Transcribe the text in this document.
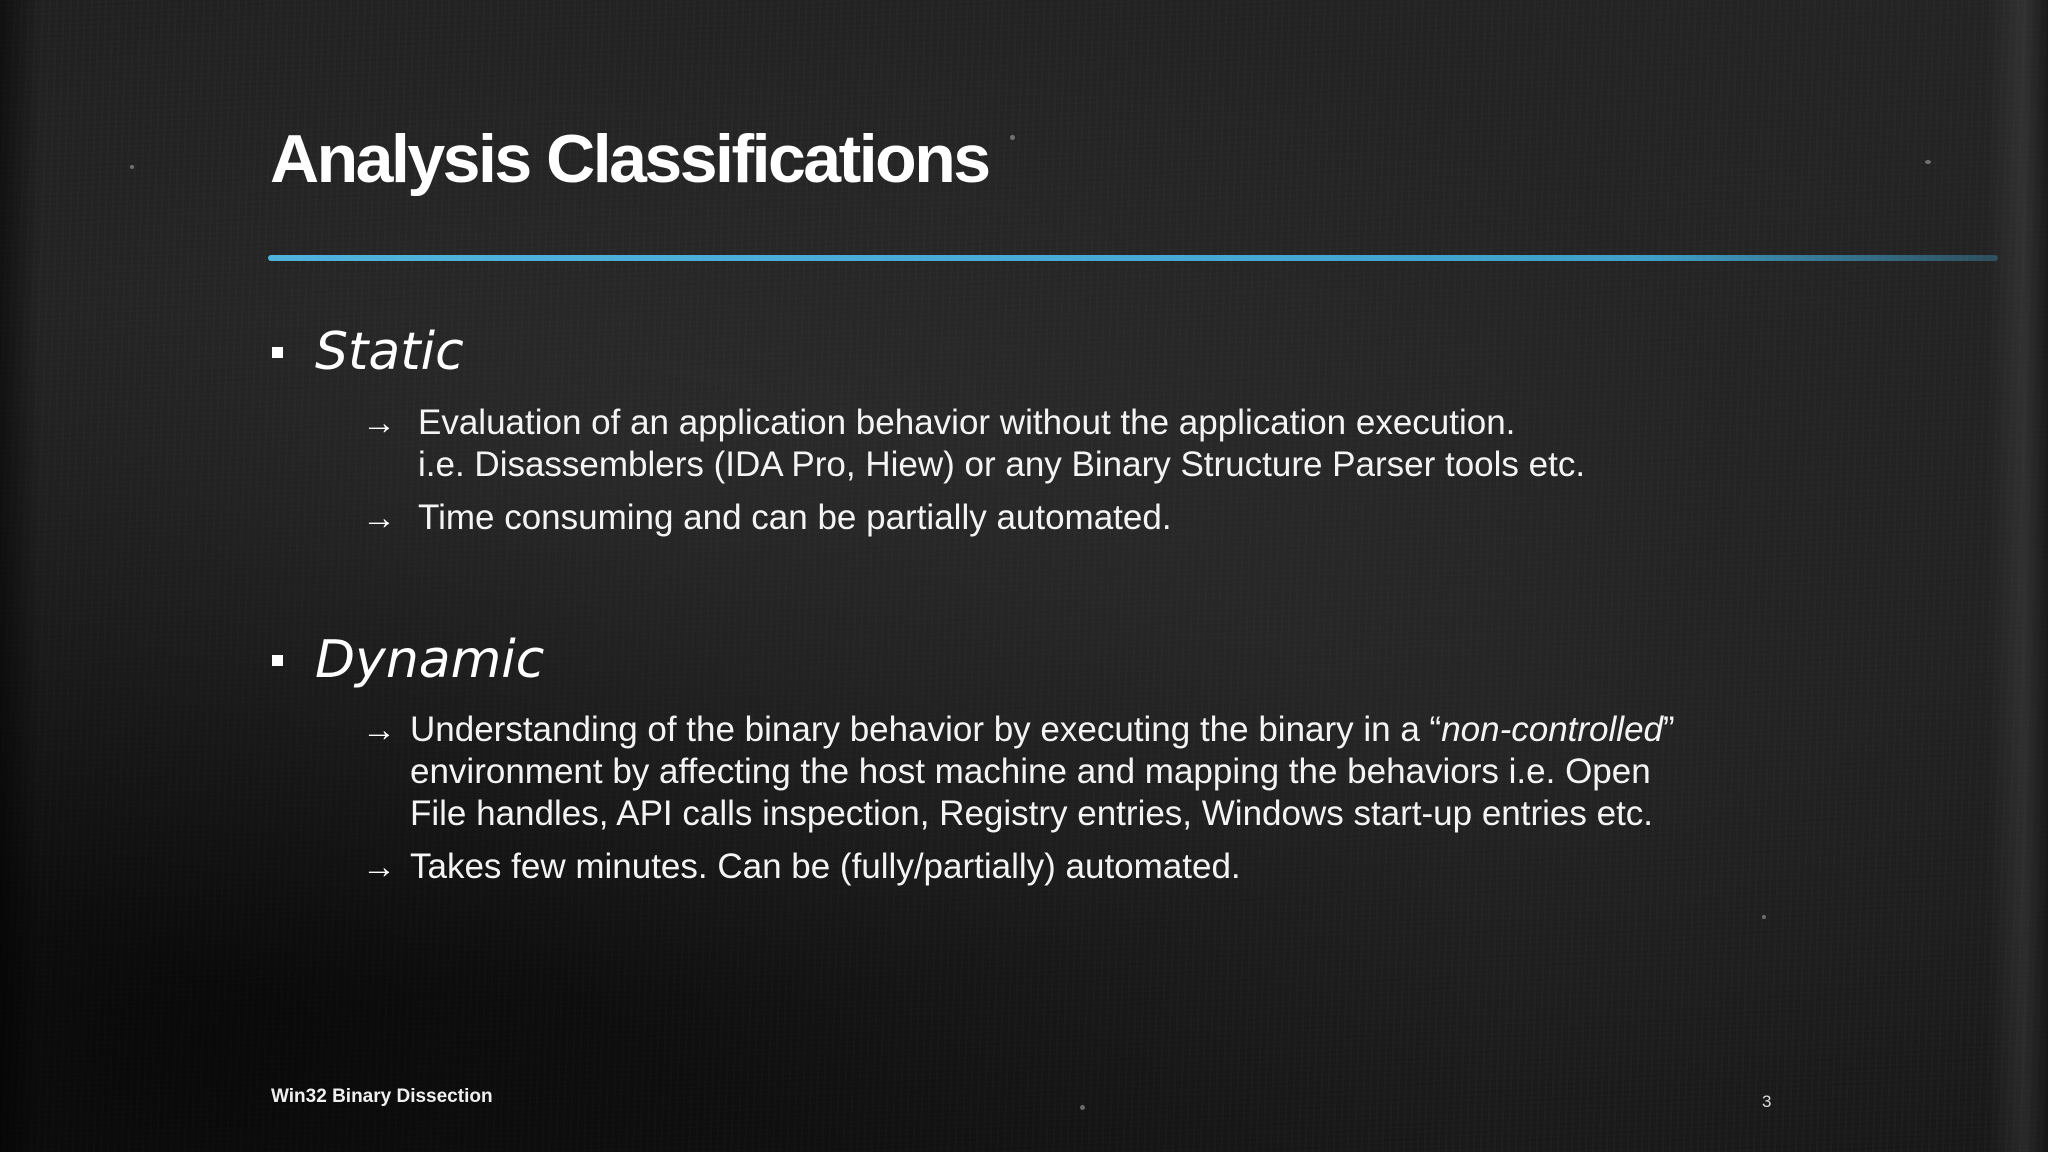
Analysis Classifications
Static
→ Evaluation of an application behavior without the application execution.
i.e. Disassemblers (IDA Pro, Hiew) or any Binary Structure Parser tools etc.
→ Time consuming and can be partially automated.
Dynamic
→ Understanding of the binary behavior by executing the binary in a “non-controlled”
environment by affecting the host machine and mapping the behaviors i.e. Open
File handles, API calls inspection, Registry entries, Windows start-up entries etc.
→ Takes few minutes. Can be (fully/partially) automated.
Win32 Binary Dissection	3
